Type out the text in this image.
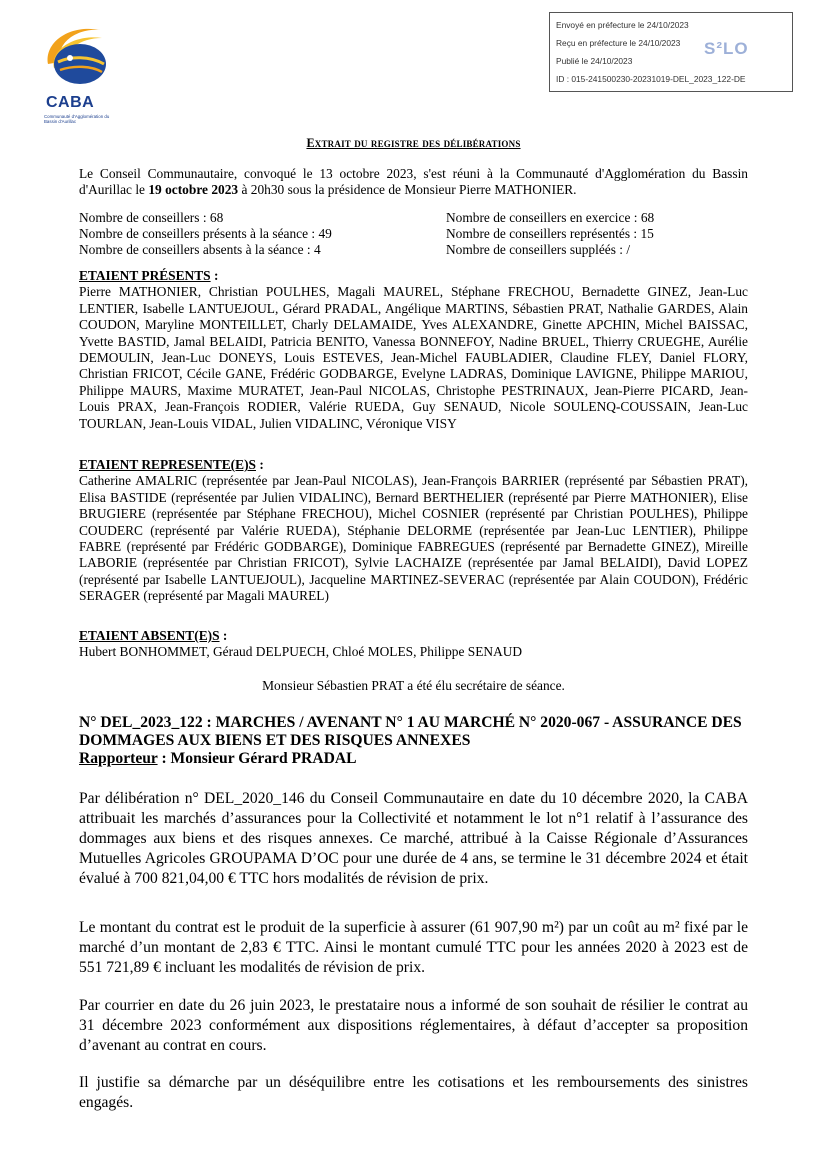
CABA
Communauté d'Agglomération du Bassin d'Aurillac
Envoyé en préfecture le 24/10/2023
Reçu en préfecture le 24/10/2023
Publié le 24/10/2023
ID : 015-241500230-20231019-DEL_2023_122-DE
S²LO
Extrait du registre des délibérations
Le Conseil Communautaire, convoqué le 13 octobre 2023, s'est réuni à la Communauté d'Agglomération du Bassin d'Aurillac le 19 octobre 2023 à 20h30 sous la présidence de Monsieur Pierre MATHONIER.
Nombre de conseillers : 68
Nombre de conseillers présents à la séance : 49
Nombre de conseillers absents à la séance : 4
Nombre de conseillers en exercice : 68
Nombre de conseillers représentés : 15
Nombre de conseillers suppléés : /
ETAIENT PRÉSENTS :
Pierre MATHONIER, Christian POULHES, Magali MAUREL, Stéphane FRECHOU, Bernadette GINEZ, Jean-Luc LENTIER, Isabelle LANTUEJOUL, Gérard PRADAL, Angélique MARTINS, Sébastien PRAT, Nathalie GARDES, Alain COUDON, Maryline MONTEILLET, Charly DELAMAIDE, Yves ALEXANDRE, Ginette APCHIN, Michel BAISSAC, Yvette BASTID, Jamal BELAIDI, Patricia BENITO, Vanessa BONNEFOY, Nadine BRUEL, Thierry CRUEGHE, Aurélie DEMOULIN, Jean-Luc DONEYS, Louis ESTEVES, Jean-Michel FAUBLADIER, Claudine FLEY, Daniel FLORY, Christian FRICOT, Cécile GANE, Frédéric GODBARGE, Evelyne LADRAS, Dominique LAVIGNE, Philippe MARIOU, Philippe MAURS, Maxime MURATET, Jean-Paul NICOLAS, Christophe PESTRINAUX, Jean-Pierre PICARD, Jean-Louis PRAX, Jean-François RODIER, Valérie RUEDA, Guy SENAUD, Nicole SOULENQ-COUSSAIN, Jean-Luc TOURLAN, Jean-Louis VIDAL, Julien VIDALINC, Véronique VISY
ETAIENT REPRESENTE(E)S :
Catherine AMALRIC (représentée par Jean-Paul NICOLAS), Jean-François BARRIER (représenté par Sébastien PRAT), Elisa BASTIDE (représentée par Julien VIDALINC), Bernard BERTHELIER (représenté par Pierre MATHONIER), Elise BRUGIERE (représentée par Stéphane FRECHOU), Michel COSNIER (représenté par Christian POULHES), Philippe COUDERC (représenté par Valérie RUEDA), Stéphanie DELORME (représentée par Jean-Luc LENTIER), Philippe FABRE (représenté par Frédéric GODBARGE), Dominique FABREGUES (représenté par Bernadette GINEZ), Mireille LABORIE (représentée par Christian FRICOT), Sylvie LACHAIZE (représentée par Jamal BELAIDI), David LOPEZ (représenté par Isabelle LANTUEJOUL), Jacqueline MARTINEZ-SEVERAC (représentée par Alain COUDON), Frédéric SERAGER (représenté par Magali MAUREL)
ETAIENT ABSENT(E)S :
Hubert BONHOMMET, Géraud DELPUECH, Chloé MOLES, Philippe SENAUD
Monsieur Sébastien PRAT a été élu secrétaire de séance.
N° DEL_2023_122 : MARCHES / AVENANT N° 1 AU MARCHÉ N° 2020-067 - ASSURANCE DES DOMMAGES AUX BIENS ET DES RISQUES ANNEXES
Rapporteur : Monsieur Gérard PRADAL
Par délibération n° DEL_2020_146 du Conseil Communautaire en date du 10 décembre 2020, la CABA attribuait les marchés d’assurances pour la Collectivité et notamment le lot n°1 relatif à l’assurance des dommages aux biens et des risques annexes. Ce marché, attribué à la Caisse Régionale d’Assurances Mutuelles Agricoles GROUPAMA D’OC pour une durée de 4 ans, se termine le 31 décembre 2024 et était évalué à 700 821,04,00 € TTC hors modalités de révision de prix.
Le montant du contrat est le produit de la superficie à assurer (61 907,90 m²) par un coût au m² fixé par le marché d’un montant de 2,83 € TTC. Ainsi le montant cumulé TTC pour les années 2020 à 2023 est de 551 721,89 € incluant les modalités de révision de prix.
Par courrier en date du 26 juin 2023, le prestataire nous a informé de son souhait de résilier le contrat au 31 décembre 2023 conformément aux dispositions réglementaires, à défaut d’accepter sa proposition d’avenant au contrat en cours.
Il justifie sa démarche par un déséquilibre entre les cotisations et les remboursements des sinistres engagés.
